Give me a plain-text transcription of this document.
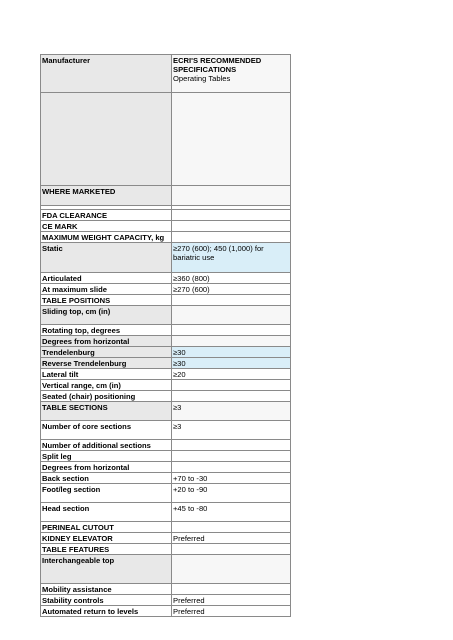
Manufacturer	ECRI'S RECOMMENDED SPECIFICATIONS
Operating Tables

WHERE MARKETED	

FDA CLEARANCE	
CE MARK	
MAXIMUM WEIGHT CAPACITY, kg	
Static	≥270 (600); 450 (1,000) for bariatric use
Articulated	≥360 (800)
At maximum slide	≥270 (600)
TABLE POSITIONS	
Sliding top, cm (in)	
Rotating top, degrees	
Degrees from horizontal	
Trendelenburg	≥30
Reverse Trendelenburg	≥30
Lateral tilt	≥20
Vertical range, cm (in)	
Seated (chair) positioning	
TABLE SECTIONS	≥3
Number of core sections	≥3
Number of additional sections	
Split leg	
Degrees from horizontal	
Back section	+70 to -30
Foot/leg section	+20 to -90
Head section	+45 to -80
PERINEAL CUTOUT	
KIDNEY ELEVATOR	Preferred
TABLE FEATURES	
Interchangeable top	
Mobility assistance	
Stability controls	Preferred
Automated return to levels	Preferred
